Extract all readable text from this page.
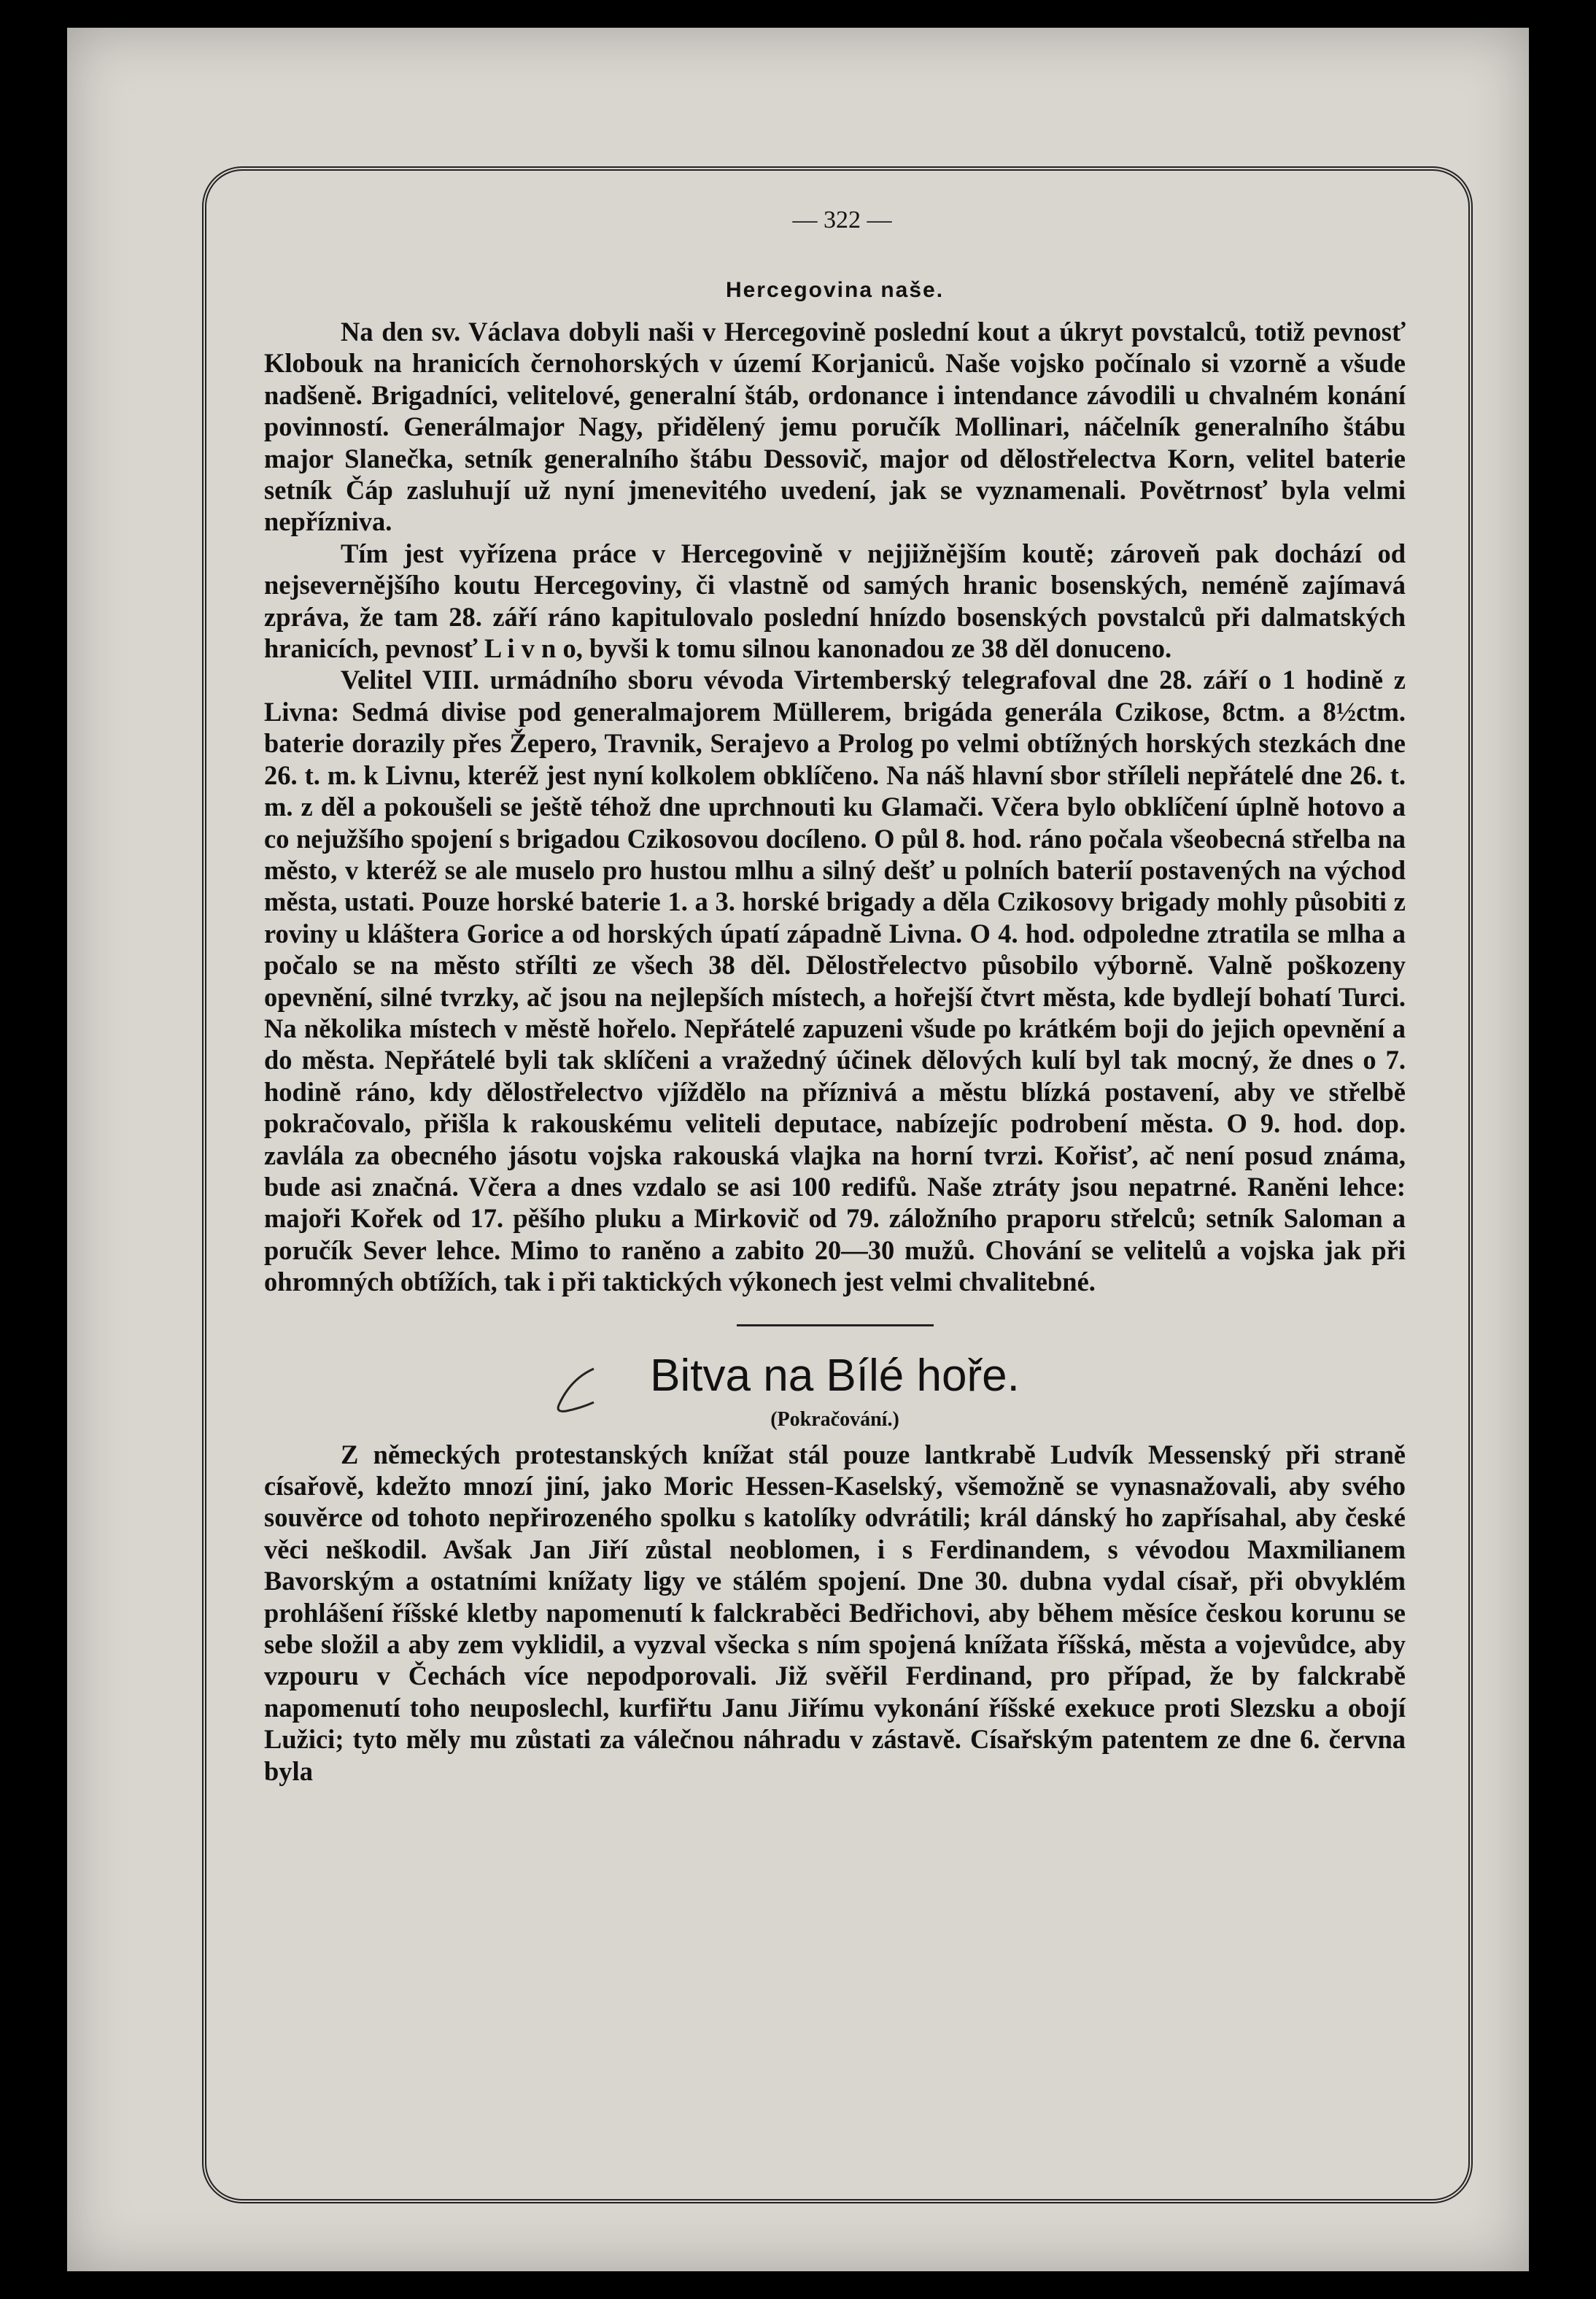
— 322 —
Hercegovina naše.

Na den sv. Václava dobyli naši v Hercegovině poslední kout a úkryt povstalců, totiž pevnosť Klobouk na hranicích černohorských v území Korjaniců. Naše vojsko počínalo si vzorně a všude nadšeně. Brigadníci, velitelové, generalní štáb, ordonance i intendance závodili u chvalném konání povinností. Generálmajor Nagy, přidělený jemu poručík Mollinari, náčelník generalního štábu major Slanečka, setník generalního štábu Dessovič, major od dělostřelectva Korn, velitel baterie setník Čáp zasluhují už nyní jmenevitého uvedení, jak se vyznamenali. Povětrnosť byla velmi nepřízniva.

Tím jest vyřízena práce v Hercegovině v nejjižnějším koutě; zároveň pak dochází od nejsevernějšího koutu Hercegoviny, či vlastně od samých hranic bosenských, neméně zajímavá zpráva, že tam 28. září ráno kapitulovalo poslední hnízdo bosenských povstalců při dalmatských hranicích, pevnosť L i v n o, byvši k tomu silnou kanonadou ze 38 děl donuceno.

Velitel VIII. urmádního sboru vévoda Virtemberský telegrafoval dne 28. září o 1 hodině z Livna: Sedmá divise pod generalmajorem Müllerem, brigáda generála Czikose, 8ctm. a 8½ctm. baterie dorazily přes Žepero, Travnik, Serajevo a Prolog po velmi obtížných horských stezkách dne 26. t. m. k Livnu, kteréž jest nyní kolkolem obklíčeno. Na náš hlavní sbor stříleli nepřátelé dne 26. t. m. z děl a pokoušeli se ještě téhož dne uprchnouti ku Glamači. Včera bylo obklíčení úplně hotovo a co nejužšího spojení s brigadou Czikosovou docíleno. O půl 8. hod. ráno počala všeobecná střelba na město, v kteréž se ale muselo pro hustou mlhu a silný dešť u polních baterií postavených na východ města, ustati. Pouze horské baterie 1. a 3. horské brigady a děla Czikosovy brigady mohly působiti z roviny u kláštera Gorice a od horských úpatí západně Livna. O 4. hod. odpoledne ztratila se mlha a počalo se na město střílti ze všech 38 děl. Dělostřelectvo působilo výborně. Valně poškozeny opevnění, silné tvrzky, ač jsou na nejlepších místech, a hořejší čtvrt města, kde bydlejí bohatí Turci. Na několika místech v městě hořelo. Nepřátelé zapuzeni všude po krátkém boji do jejich opevnění a do města. Nepřátelé byli tak sklíčeni a vražedný účinek dělových kulí byl tak mocný, že dnes o 7. hodině ráno, kdy dělostřelectvo vjíždělo na příznivá a městu blízká postavení, aby ve střelbě pokračovalo, přišla k rakouskému veliteli deputace, nabízejíc podrobení města. O 9. hod. dop. zavlála za obecného jásotu vojska rakouská vlajka na horní tvrzi. Kořisť, ač není posud známa, bude asi značná. Včera a dnes vzdalo se asi 100 redifů. Naše ztráty jsou nepatrné. Raněni lehce: majoři Kořek od 17. pěšího pluku a Mirkovič od 79. záložního praporu střelců; setník Saloman a poručík Sever lehce. Mimo to raněno a zabito 20—30 mužů. Chování se velitelů a vojska jak při ohromných obtížích, tak i při taktických výkonech jest velmi chvalitebné.

Bitva na Bílé hoře.
(Pokračování.)

Z německých protestanských knížat stál pouze lantkrabě Ludvík Messenský při straně císařově, kdežto mnozí jiní, jako Moric Hessen-Kaselský, všemožně se vynasnažovali, aby svého souvěrce od tohoto nepřirozeného spolku s katolíky odvrátili; král dánský ho zapřísahal, aby české věci neškodil. Avšak Jan Jiří zůstal neoblomen, i s Ferdinandem, s vévodou Maxmilianem Bavorským a ostatními knížaty ligy ve stálém spojení. Dne 30. dubna vydal císař, při obvyklém prohlášení říšské kletby napomenutí k falckraběci Bedřichovi, aby během měsíce českou korunu se sebe složil a aby zem vyklidil, a vyzval všecka s ním spojená knížata říšská, města a vojevůdce, aby vzpouru v Čechách více nepodporovali. Již svěřil Ferdinand, pro případ, že by falckrabě napomenutí toho neuposlechl, kurfiřtu Janu Jiřímu vykonání říšské exekuce proti Slezsku a obojí Lužici; tyto měly mu zůstati za válečnou náhradu v zástavě. Císařským patentem ze dne 6. června byla
